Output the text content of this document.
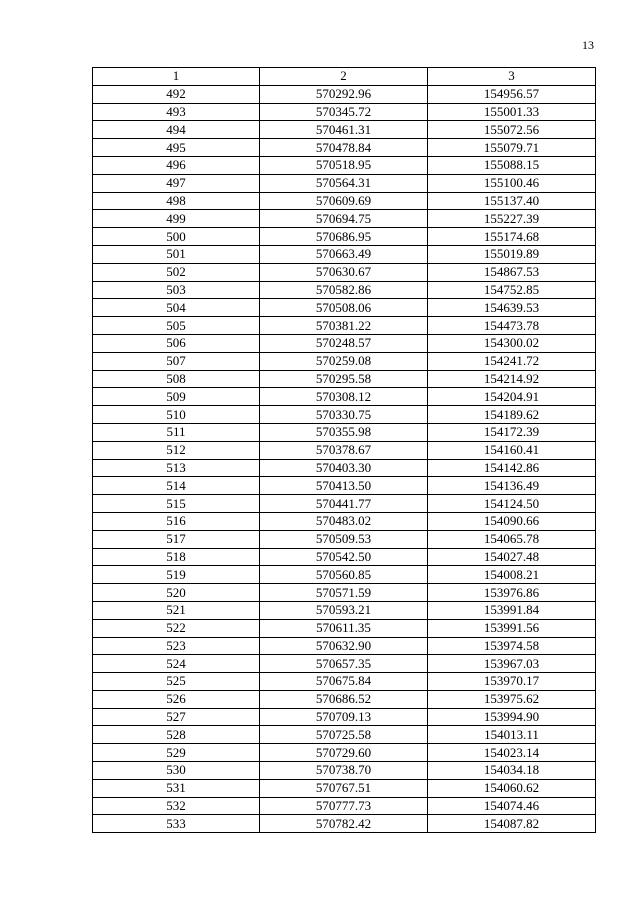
13
1	2	3
492	570292.96	154956.57
493	570345.72	155001.33
494	570461.31	155072.56
495	570478.84	155079.71
496	570518.95	155088.15
497	570564.31	155100.46
498	570609.69	155137.40
499	570694.75	155227.39
500	570686.95	155174.68
501	570663.49	155019.89
502	570630.67	154867.53
503	570582.86	154752.85
504	570508.06	154639.53
505	570381.22	154473.78
506	570248.57	154300.02
507	570259.08	154241.72
508	570295.58	154214.92
509	570308.12	154204.91
510	570330.75	154189.62
511	570355.98	154172.39
512	570378.67	154160.41
513	570403.30	154142.86
514	570413.50	154136.49
515	570441.77	154124.50
516	570483.02	154090.66
517	570509.53	154065.78
518	570542.50	154027.48
519	570560.85	154008.21
520	570571.59	153976.86
521	570593.21	153991.84
522	570611.35	153991.56
523	570632.90	153974.58
524	570657.35	153967.03
525	570675.84	153970.17
526	570686.52	153975.62
527	570709.13	153994.90
528	570725.58	154013.11
529	570729.60	154023.14
530	570738.70	154034.18
531	570767.51	154060.62
532	570777.73	154074.46
533	570782.42	154087.82
